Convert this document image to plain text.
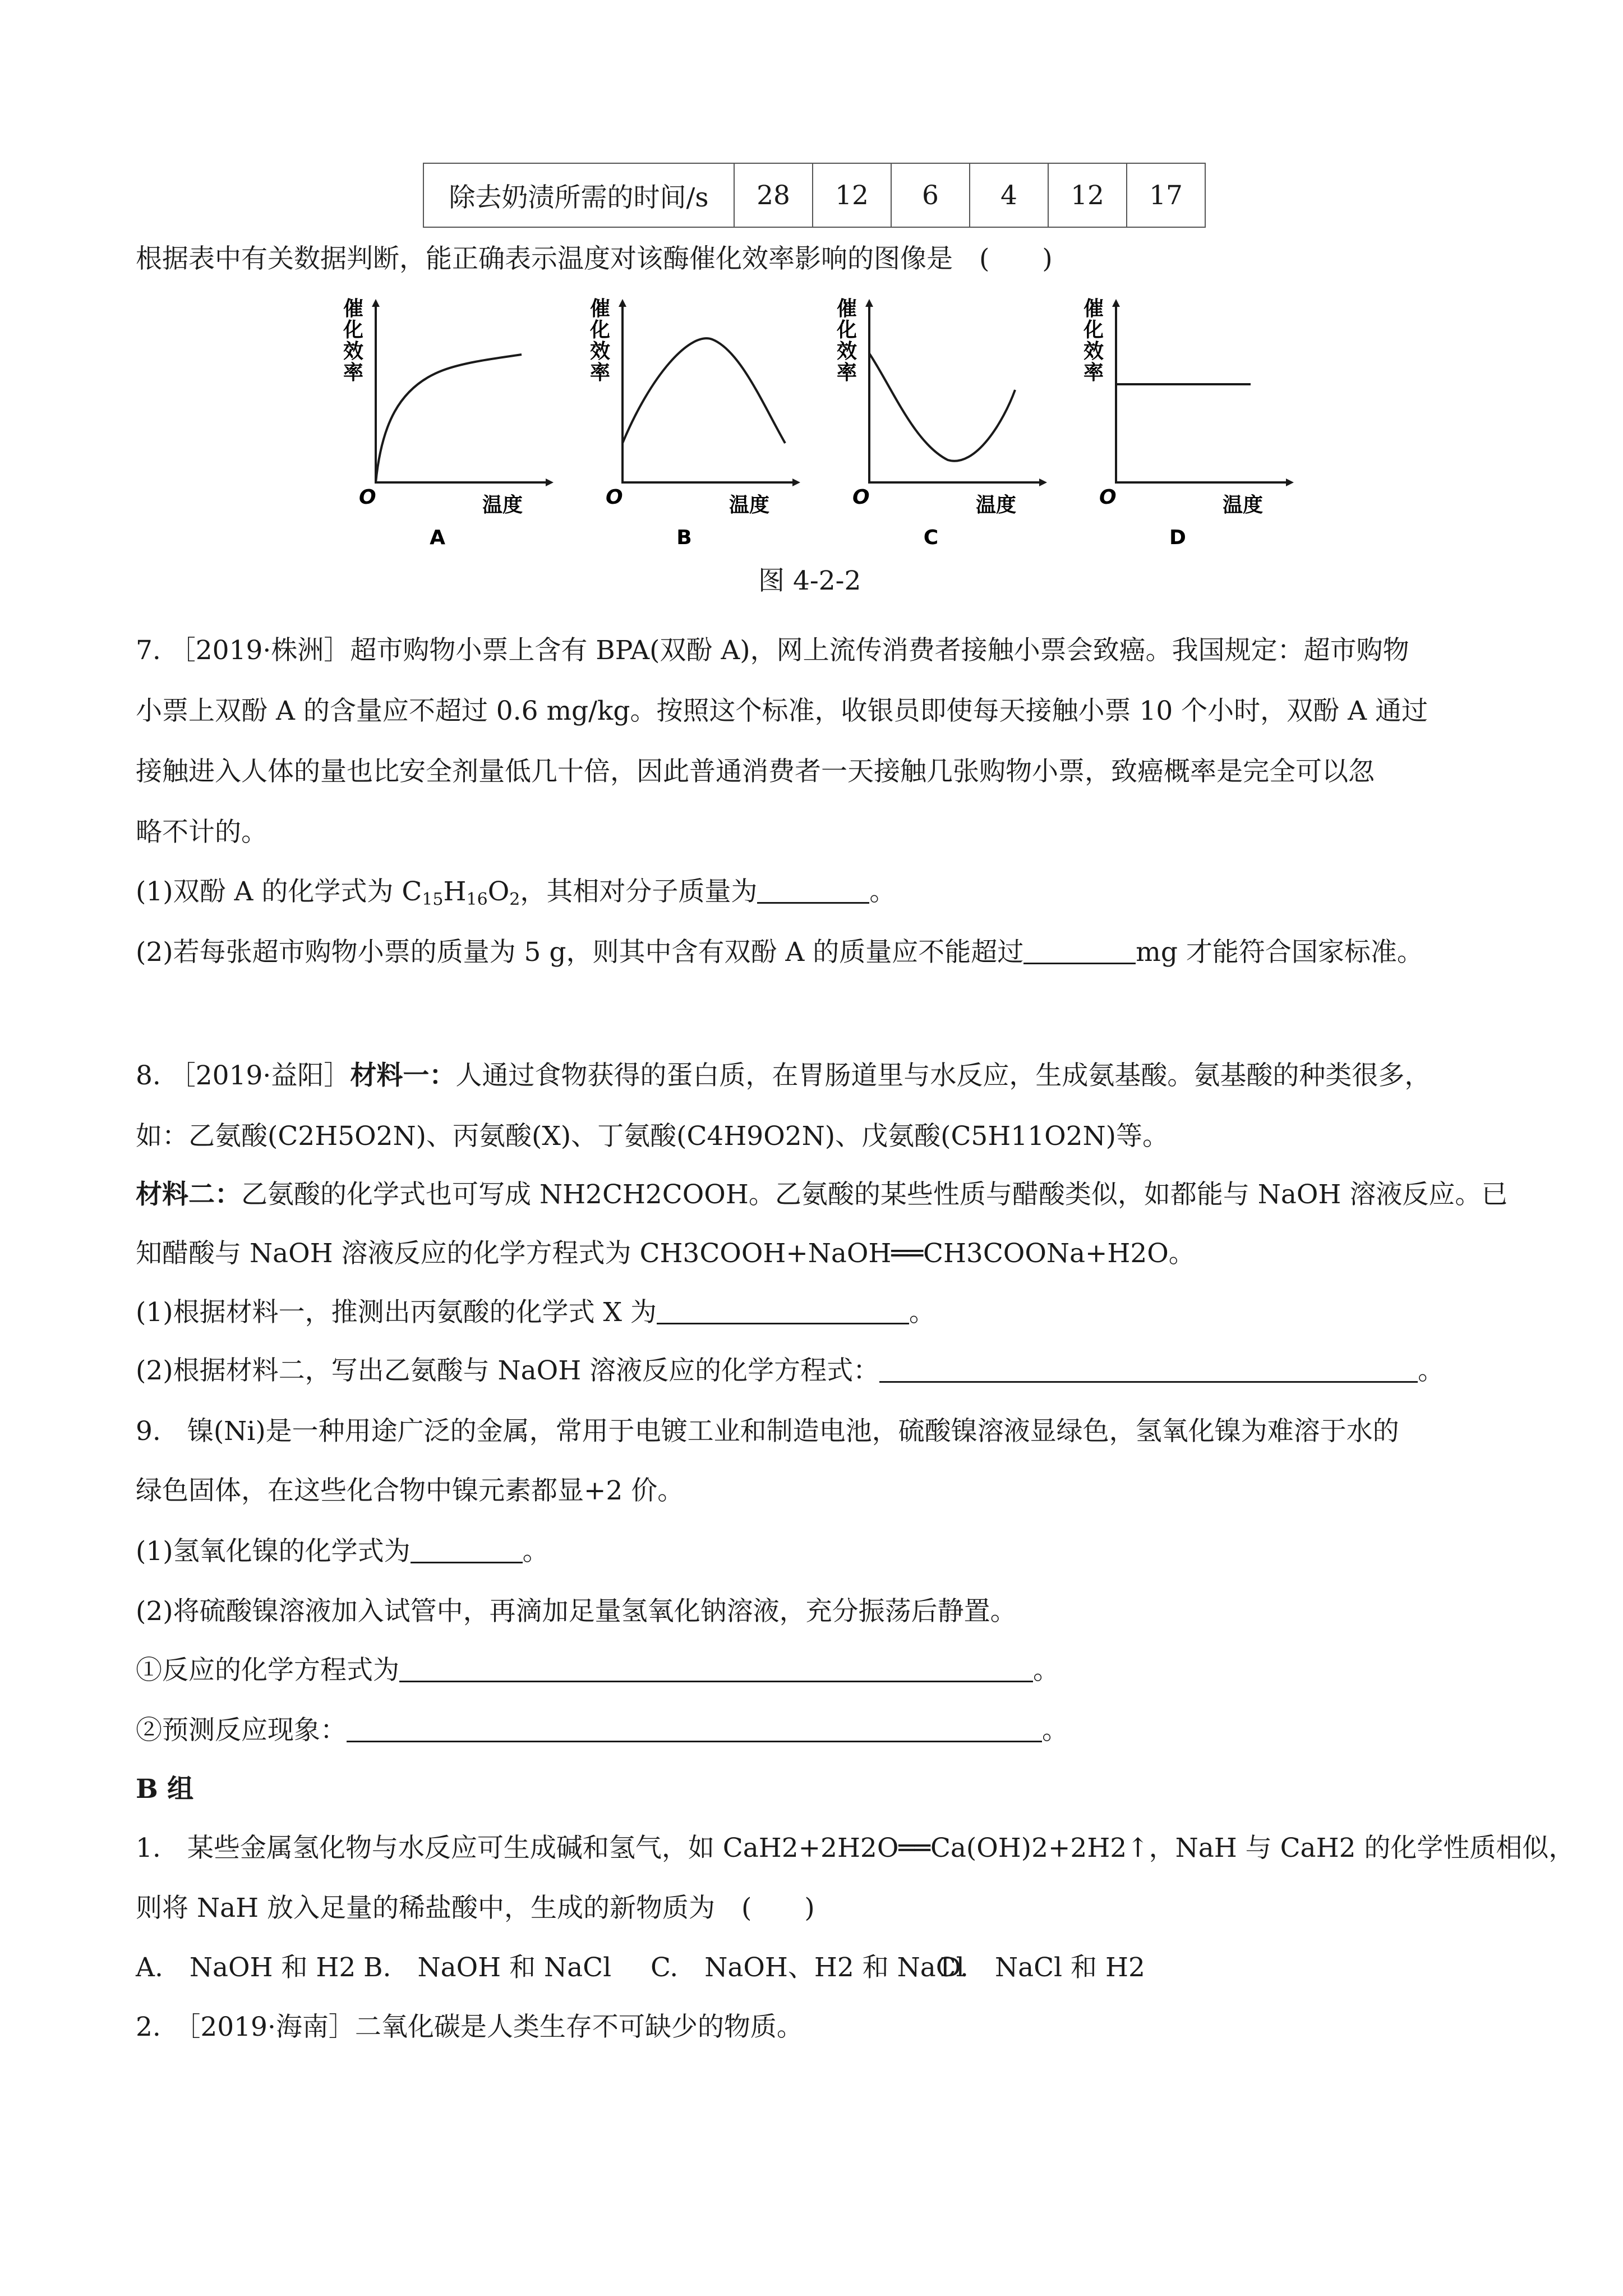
除去奶渍所需的时间/s	28	12	6	4	12	17
根据表中有关数据判断，能正确表示温度对该酶催化效率影响的图像是　(　　)
催
化
效
率
O	温度
A
催
化
效
率
O	温度
B
催
化
效
率
O	温度
C
催
化
效
率
O	温度
D
图 4-2-2
7. ［2019·株洲］超市购物小票上含有 BPA(双酚 A)，网上流传消费者接触小票会致癌。我国规定：超市购物
小票上双酚 A 的含量应不超过 0.6 mg/kg。按照这个标准，收银员即使每天接触小票 10 个小时，双酚 A 通过
接触进入人体的量也比安全剂量低几十倍，因此普通消费者一天接触几张购物小票，致癌概率是完全可以忽
略不计的。
(1)双酚 A 的化学式为 $C_{15}H_{16}O_2$，其相对分子质量为	。
(2)若每张超市购物小票的质量为 5 g，则其中含有双酚 A 的质量应不能超过	mg 才能符合国家标准。
8. ［2019·益阳］材料一：人通过食物获得的蛋白质，在胃肠道里与水反应，生成氨基酸。氨基酸的种类很多，
如：乙氨酸(C2H5O2N)、丙氨酸(X)、丁氨酸(C4H9O2N)、戊氨酸(C5H11O2N)等。
材料二：乙氨酸的化学式也可写成 NH2CH2COOH。乙氨酸的某些性质与醋酸类似，如都能与 NaOH 溶液反应。已
知醋酸与 NaOH 溶液反应的化学方程式为 CH3COOH+NaOH══CH3COONa+H2O。
(1)根据材料一，推测出丙氨酸的化学式 X 为	。
(2)根据材料二，写出乙氨酸与 NaOH 溶液反应的化学方程式：	。
9.　镍(Ni)是一种用途广泛的金属，常用于电镀工业和制造电池，硫酸镍溶液显绿色，氢氧化镍为难溶于水的
绿色固体，在这些化合物中镍元素都显+2 价。
(1)氢氧化镍的化学式为	。
(2)将硫酸镍溶液加入试管中，再滴加足量氢氧化钠溶液，充分振荡后静置。
①反应的化学方程式为	。
②预测反应现象：	。
B 组
1.　某些金属氢化物与水反应可生成碱和氢气，如 CaH2+2H2O══Ca(OH)2+2H2↑，NaH 与 CaH2 的化学性质相似，
则将 NaH 放入足量的稀盐酸中，生成的新物质为　(　　)
A.　NaOH 和 H2 B.　NaOH 和 NaCl C.　NaOH、H2 和 NaCl
D.　NaCl 和 H2
2.　［2019·海南］二氧化碳是人类生存不可缺少的物质。
